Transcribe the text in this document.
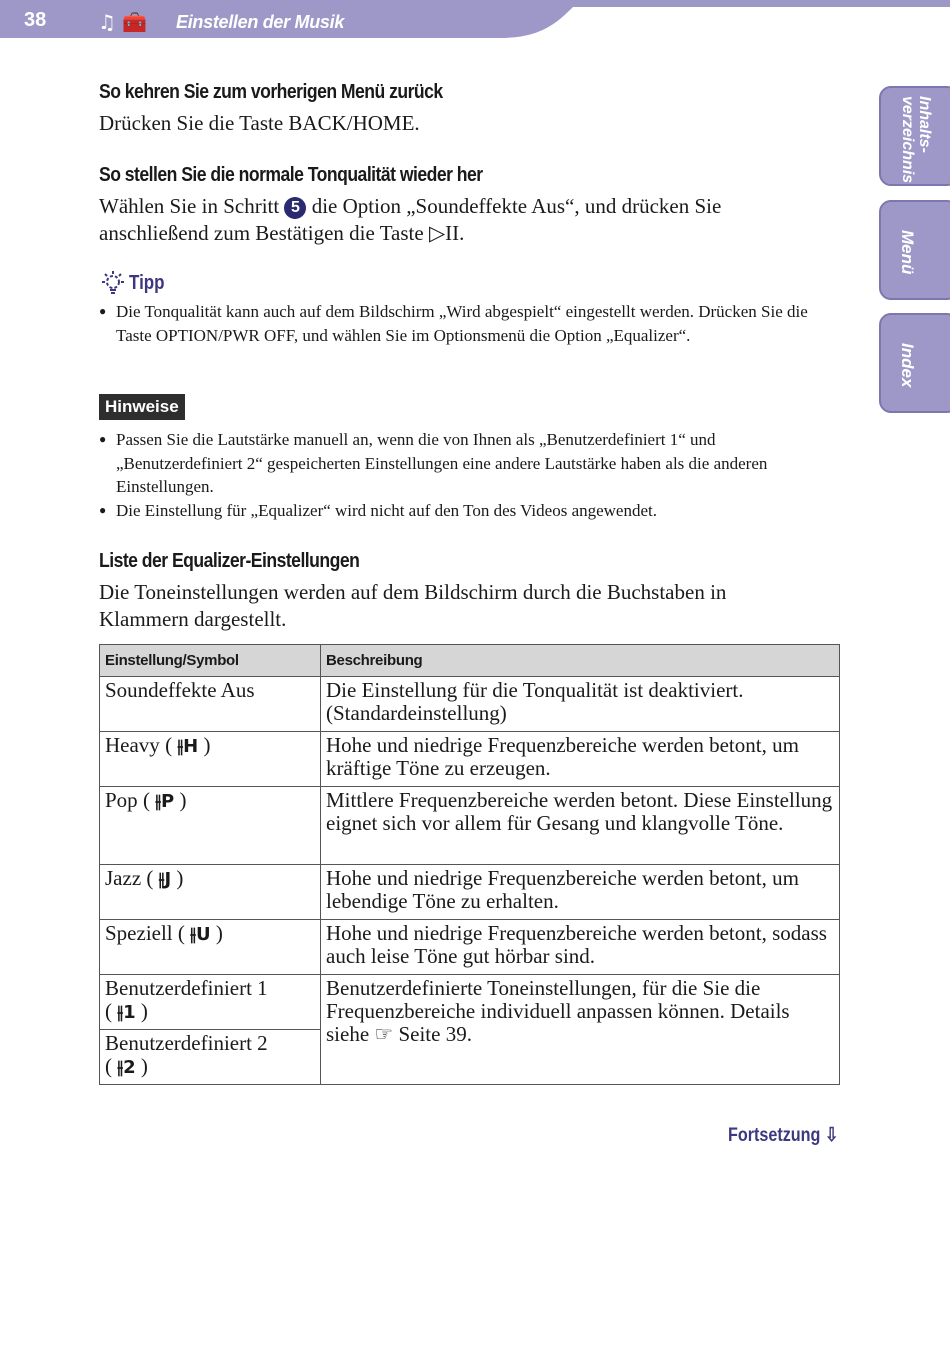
38	♫ 🧰 Einstellen der Musik
Inhalts-verzeichnis
Menü
Index
So kehren Sie zum vorherigen Menü zurück
Drücken Sie die Taste BACK/HOME.
So stellen Sie die normale Tonqualität wieder her
Wählen Sie in Schritt 5 die Option „Soundeffekte Aus“, und drücken Sie anschließend zum Bestätigen die Taste ▷II.
Tipp

● Die Tonqualität kann auch auf dem Bildschirm „Wird abgespielt“ eingestellt werden. Drücken Sie die Taste OPTION/PWR OFF, und wählen Sie im Optionsmenü die Option „Equalizer“.

Hinweise

● Passen Sie die Lautstärke manuell an, wenn die von Ihnen als „Benutzerdefiniert 1“ und „Benutzerdefiniert 2“ gespeicherten Einstellungen eine andere Lautstärke haben als die anderen Einstellungen.

● Die Einstellung für „Equalizer“ wird nicht auf den Ton des Videos angewendet.

Liste der Equalizer-Einstellungen
Die Toneinstellungen werden auf dem Bildschirm durch die Buchstaben in Klammern dargestellt.
Einstellung/Symbol	Beschreibung
Soundeffekte Aus	Die Einstellung für die Tonqualität ist deaktiviert. (Standardeinstellung)
Heavy ( ⫲H )	Hohe und niedrige Frequenzbereiche werden betont, um kräftige Töne zu erzeugen.
Pop ( ⫲P )	Mittlere Frequenzbereiche werden betont. Diese Einstellung eignet sich vor allem für Gesang und klangvolle Töne.
Jazz ( ⫲J )	Hohe und niedrige Frequenzbereiche werden betont, um lebendige Töne zu erhalten.
Speziell ( ⫲U )	Hohe und niedrige Frequenzbereiche werden betont, sodass auch leise Töne gut hörbar sind.
Benutzerdefiniert 1
( ⫲1 )	Benutzerdefinierte Toneinstellungen, für die Sie die Frequenzbereiche individuell anpassen können. Details siehe ☞ Seite 39.
Benutzerdefiniert 2
( ⫲2 )	
Fortsetzung ⇩
